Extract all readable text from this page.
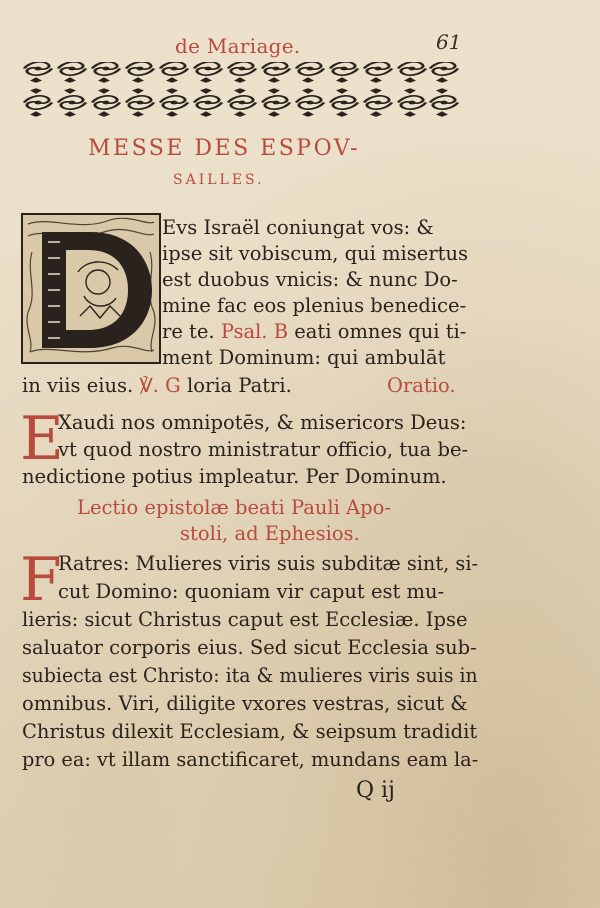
de Mariage.	61
MESSE DES ESPOV-
SAILLES.
Evs Israël coniungat vos: &
ipse sit vobiscum, qui misertus
est duobus vnicis: & nunc Do-
mine fac eos plenius benedice-
re te. Psal. B eati omnes qui ti-
ment Dominum: qui ambulāt
in viis eius. ℣. G loria Patri.	Oratio.
E
Xaudi nos omnipotēs, & misericors Deus:
vt quod nostro ministratur officio, tua be-
nedictione potius impleatur. Per Dominum.
Lectio epistolæ beati Pauli Apo-
stoli, ad Ephesios.
F
Ratres: Mulieres viris suis subditæ sint, si-
cut Domino: quoniam vir caput est mu-
lieris: sicut Christus caput est Ecclesiæ. Ipse
saluator corporis eius. Sed sicut Ecclesia sub-
subiecta est Christo: ita & mulieres viris suis in
omnibus. Viri, diligite vxores vestras, sicut &
Christus dilexit Ecclesiam, & seipsum tradidit
pro ea: vt illam sanctificaret, mundans eam la-
Q ij
